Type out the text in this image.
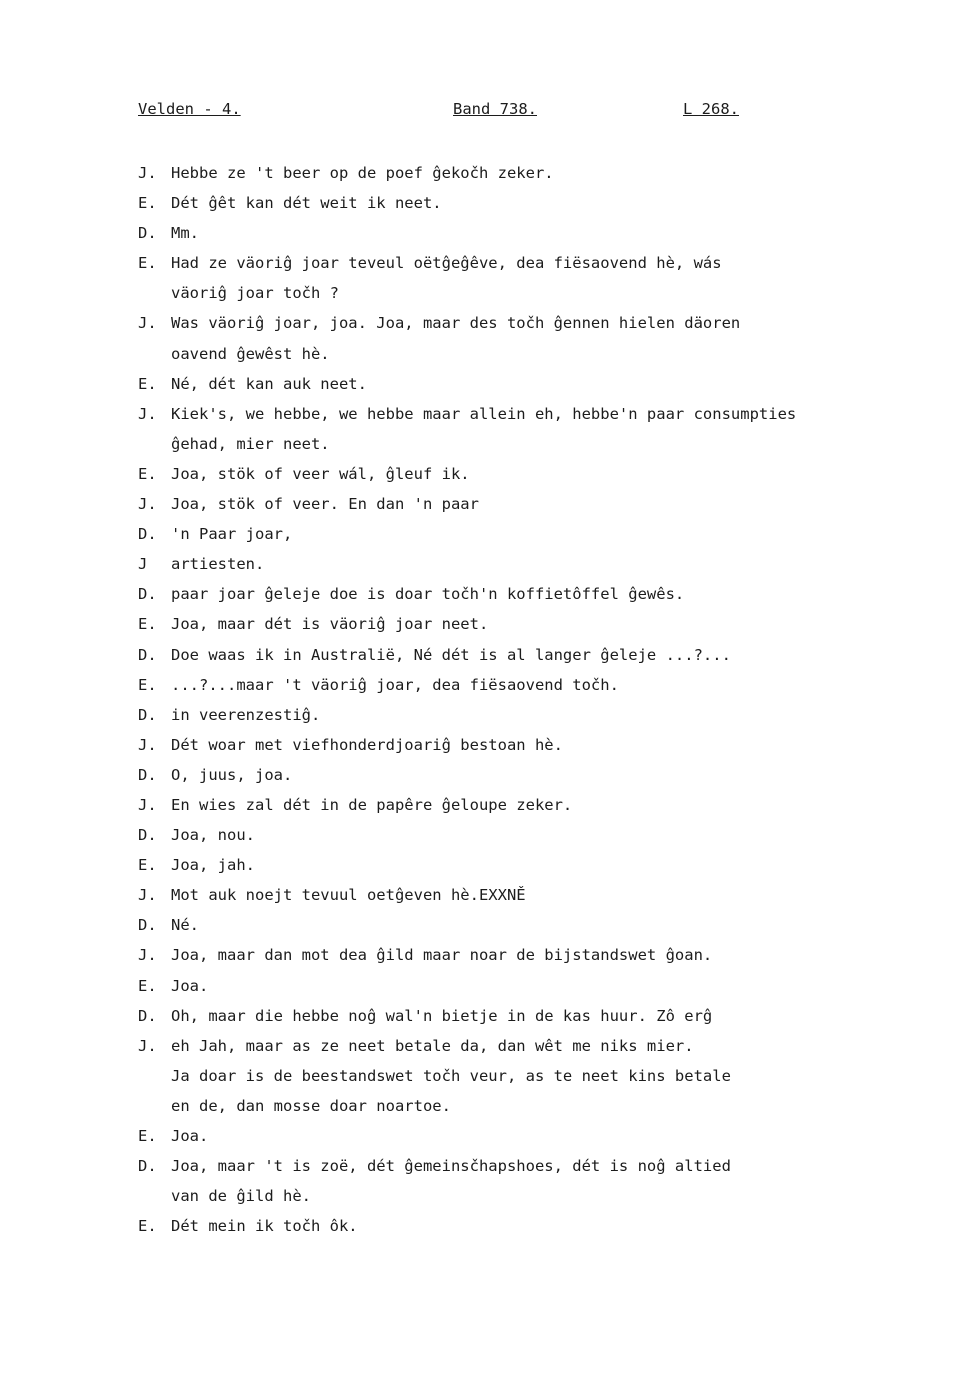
Velden - 4.	Band 738.	L 268.
J. Hebbe ze 't beer op de poef ĝekočh zeker.
E. Dét ĝêt kan dét weit ik neet.
D. Mm.
E. Had ze väoriĝ joar teveul oëtĝeĝêve, dea fiësaovend hè, wás
väoriĝ joar točh ?
J. Was väoriĝ joar, joa. Joa, maar des točh ĝennen hielen däoren
oavend ĝewêst hè.
E. Né, dét kan auk neet.
J. Kiek's, we hebbe, we hebbe maar allein eh, hebbe'n paar consumpties
ĝehad, mier neet.
E. Joa, stök of veer wál, ĝleuf ik.
J. Joa, stök of veer. En dan 'n paar
D. 'n Paar joar,
J	artiesten.
D. paar joar ĝeleje doe is doar točh'n koffietôffel ĝewês.
E. Joa, maar dét is väoriĝ joar neet.
D. Doe waas ik in Australië, Né dét is al langer ĝeleje ...?...
E. ...?...maar 't väoriĝ joar, dea fiësaovend točh.
D. in veerenzestiĝ.
J. Dét woar met viefhonderdjoariĝ bestoan hè.
D. O, juus, joa.
J. En wies zal dét in de papêre ĝeloupe zeker.
D. Joa, nou.
E. Joa, jah.
J. Mot auk noejt tevuul oetĝeven hè.EXXNĚ
D. Né.
J. Joa, maar dan mot dea ĝild maar noar de bijstandswet ĝoan.
E. Joa.
D. Oh, maar die hebbe noĝ wal'n bietje in de kas huur. Zô erĝ
J. eh Jah, maar as ze neet betale da, dan wêt me niks mier.
Ja doar is de beestandswet točh veur, as te neet kins betale
en de, dan mosse doar noartoe.
E. Joa.
D. Joa, maar 't is zoë, dét ĝemeinsčhapshoes, dét is noĝ altied
van de ĝild hè.
E. Dét mein ik točh ôk.
